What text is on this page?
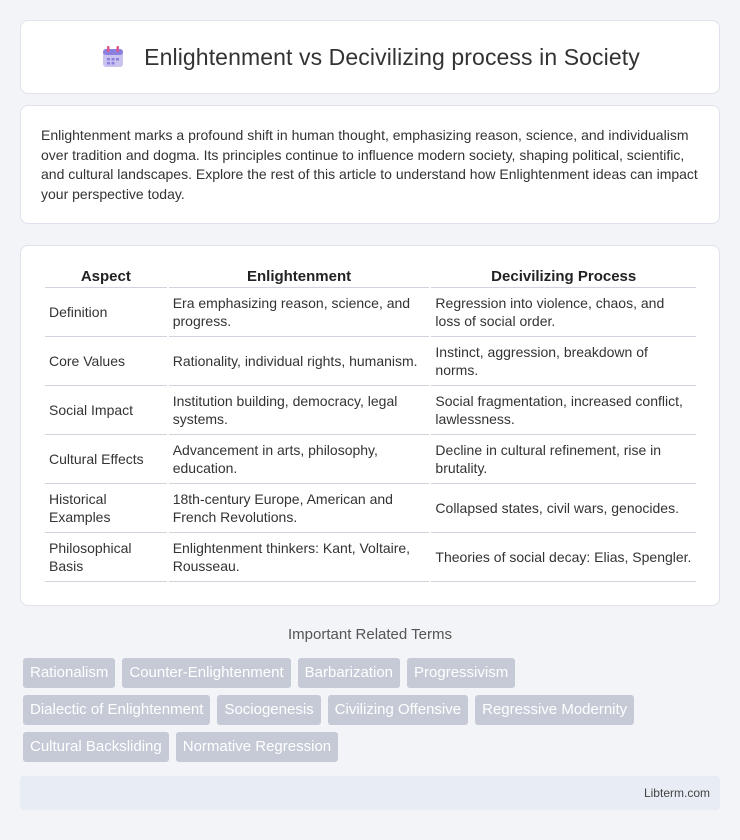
Enlightenment vs Decivilizing process in Society

Enlightenment marks a profound shift in human thought, emphasizing reason, science, and individualism over tradition and dogma. Its principles continue to influence modern society, shaping political, scientific, and cultural landscapes. Explore the rest of this article to understand how Enlightenment ideas can impact your perspective today.

Aspect	Enlightenment	Decivilizing Process
Definition	Era emphasizing reason, science, and progress.	Regression into violence, chaos, and loss of social order.
Core Values	Rationality, individual rights, humanism.	Instinct, aggression, breakdown of norms.
Social Impact	Institution building, democracy, legal systems.	Social fragmentation, increased conflict, lawlessness.
Cultural Effects	Advancement in arts, philosophy, education.	Decline in cultural refinement, rise in brutality.
Historical Examples	18th-century Europe, American and French Revolutions.	Collapsed states, civil wars, genocides.
Philosophical Basis	Enlightenment thinkers: Kant, Voltaire, Rousseau.	Theories of social decay: Elias, Spengler.
Important Related Terms
Rationalism	Counter-Enlightenment	Barbarization	Progressivism
Dialectic of Enlightenment	Sociogenesis	Civilizing Offensive	Regressive Modernity
Cultural Backsliding	Normative Regression
Libterm.com
